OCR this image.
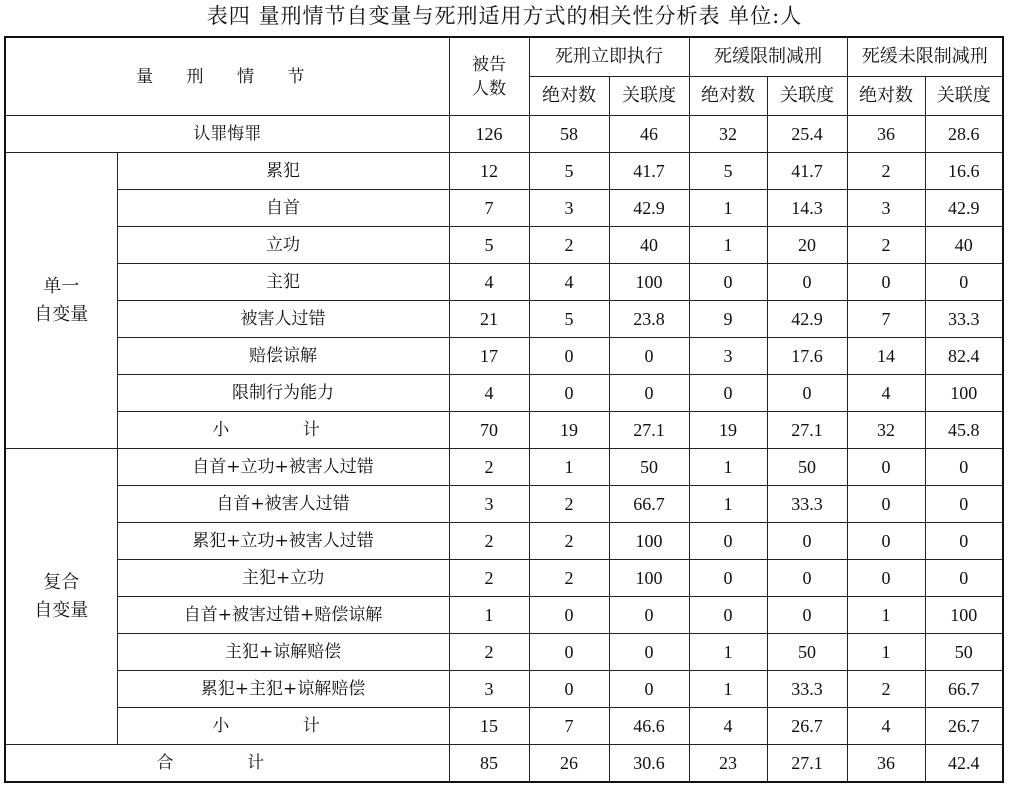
表四 量刑情节自变量与死刑适用方式的相关性分析表 单位:人
量 刑 情 节		被告人数	死刑立即执行		死缓限制减刑		死缓未限制减刑	
			绝对数	关联度	绝对数	关联度	绝对数	关联度
认罪悔罪		126	58	46	32	25.4	36	28.6
单一
自变量	累犯	12	5	41.7	5	41.7	2	16.6
	自首	7	3	42.9	1	14.3	3	42.9
	立功	5	2	40	1	20	2	40
	主犯	4	4	100	0	0	0	0
	被害人过错	21	5	23.8	9	42.9	7	33.3
	赔偿谅解	17	0	0	3	17.6	14	82.4
	限制行为能力	4	0	0	0	0	4	100
	小 计	70	19	27.1	19	27.1	32	45.8
复合
自变量	自首+立功+被害人过错	2	1	50	1	50	0	0
	自首+被害人过错	3	2	66.7	1	33.3	0	0
	累犯+立功+被害人过错	2	2	100	0	0	0	0
	主犯+立功	2	2	100	0	0	0	0
	自首+被害过错+赔偿谅解	1	0	0	0	0	1	100
	主犯+谅解赔偿	2	0	0	1	50	1	50
	累犯+主犯+谅解赔偿	3	0	0	1	33.3	2	66.7
	小 计	15	7	46.6	4	26.7	4	26.7
合 计		85	26	30.6	23	27.1	36	42.4
